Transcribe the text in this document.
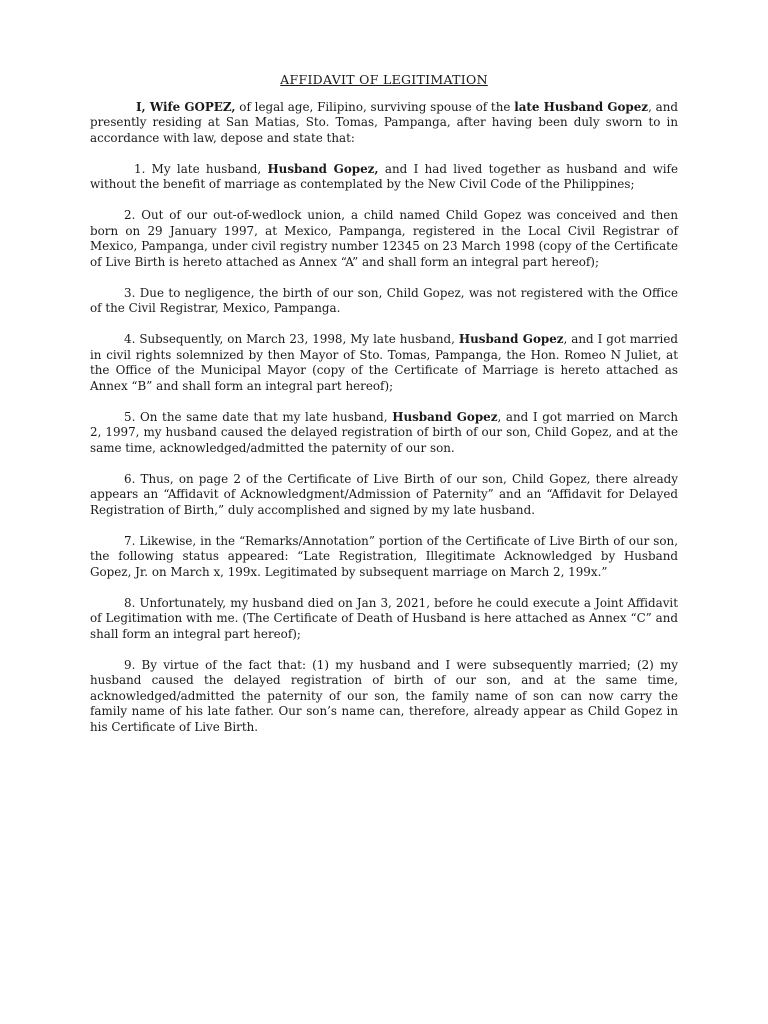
AFFIDAVIT OF LEGITIMATION

I, Wife GOPEZ, of legal age, Filipino, surviving spouse of the late Husband Gopez, and presently residing at San Matias, Sto. Tomas, Pampanga, after having been duly sworn to in accordance with law, depose and state that:

1. My late husband, Husband Gopez, and I had lived together as husband and wife without the benefit of marriage as contemplated by the New Civil Code of the Philippines;

2. Out of our out-of-wedlock union, a child named Child Gopez was conceived and then born on 29 January 1997, at Mexico, Pampanga, registered in the Local Civil Registrar of Mexico, Pampanga, under civil registry number 12345 on 23 March 1998 (copy of the Certificate of Live Birth is hereto attached as Annex “A” and shall form an integral part hereof);

3. Due to negligence, the birth of our son, Child Gopez, was not registered with the Office of the Civil Registrar, Mexico, Pampanga.

4. Subsequently, on March 23, 1998, My late husband, Husband Gopez, and I got married in civil rights solemnized by then Mayor of Sto. Tomas, Pampanga, the Hon. Romeo N Juliet, at the Office of the Municipal Mayor (copy of the Certificate of Marriage is hereto attached as Annex “B” and shall form an integral part hereof);

5. On the same date that my late husband, Husband Gopez, and I got married on March 2, 1997, my husband caused the delayed registration of birth of our son, Child Gopez, and at the same time, acknowledged/admitted the paternity of our son.

6. Thus, on page 2 of the Certificate of Live Birth of our son, Child Gopez, there already appears an “Affidavit of Acknowledgment/Admission of Paternity” and an “Affidavit for Delayed Registration of Birth,” duly accomplished and signed by my late husband.

7. Likewise, in the “Remarks/Annotation” portion of the Certificate of Live Birth of our son, the following status appeared: “Late Registration, Illegitimate Acknowledged by Husband Gopez, Jr. on March x, 199x. Legitimated by subsequent marriage on March 2, 199x.”

8. Unfortunately, my husband died on Jan 3, 2021, before he could execute a Joint Affidavit of Legitimation with me. (The Certificate of Death of Husband is here attached as Annex “C” and shall form an integral part hereof);

9. By virtue of the fact that: (1) my husband and I were subsequently married; (2) my husband caused the delayed registration of birth of our son, and at the same time, acknowledged/admitted the paternity of our son, the family name of son can now carry the family name of his late father. Our son’s name can, therefore, already appear as Child Gopez in his Certificate of Live Birth.
